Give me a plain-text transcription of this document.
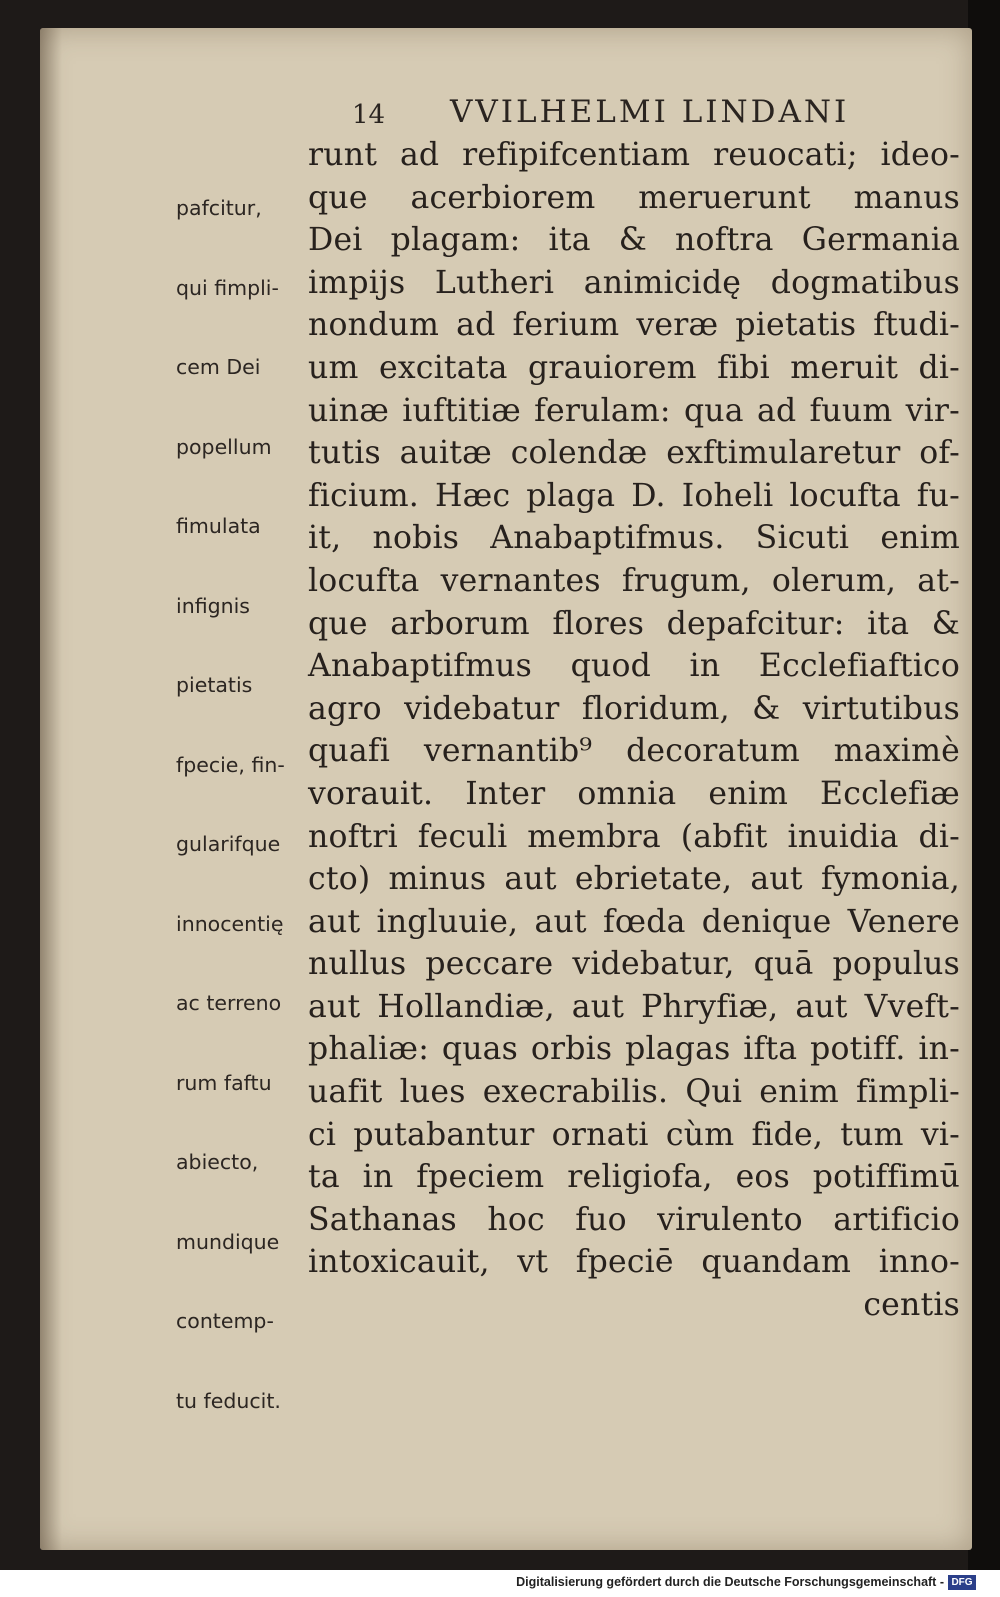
14 VVILHELMI LINDANI

pafcitur,

qui fimpli-

cem Dei

popellum

fimulata

infignis

pietatis

fpecie, fin-

gularifque

innocentię

ac terreno

rum faftu

abiecto,

mundique

contemp-

tu feducit.

runt ad refipifcentiam reuocati; ideo-
que acerbiorem meruerunt manus
Dei plagam: ita & noftra Germania
impijs Lutheri animicidę dogmatibus
nondum ad ferium veræ pietatis ftudi-
um excitata grauiorem fibi meruit di-
uinæ iuftitiæ ferulam: qua ad fuum vir-
tutis auitæ colendæ exftimularetur of-
ficium. Hæc plaga D. Ioheli locufta fu-
it, nobis Anabaptifmus. Sicuti enim
locufta vernantes frugum, olerum, at-
que arborum flores depafcitur: ita &
Anabaptifmus quod in Ecclefiaftico
agro videbatur floridum, & virtutibus
quafi vernantib⁹ decoratum maximè
vorauit. Inter omnia enim Ecclefiæ
noftri feculi membra (abfit inuidia di-
cto) minus aut ebrietate, aut fymonia,
aut ingluuie, aut fœda denique Venere
nullus peccare videbatur, quā populus
aut Hollandiæ, aut Phryfiæ, aut Vveft-
phaliæ: quas orbis plagas ifta potiff. in-
uafit lues execrabilis. Qui enim fimpli-
ci putabantur ornati cùm fide, tum vi-
ta in fpeciem religiofa, eos potiffimū
Sathanas hoc fuo virulento artificio
intoxicauit, vt fpeciē quandam inno-
centis
Digitalisierung gefördert durch die Deutsche Forschungsgemeinschaft - DFG
